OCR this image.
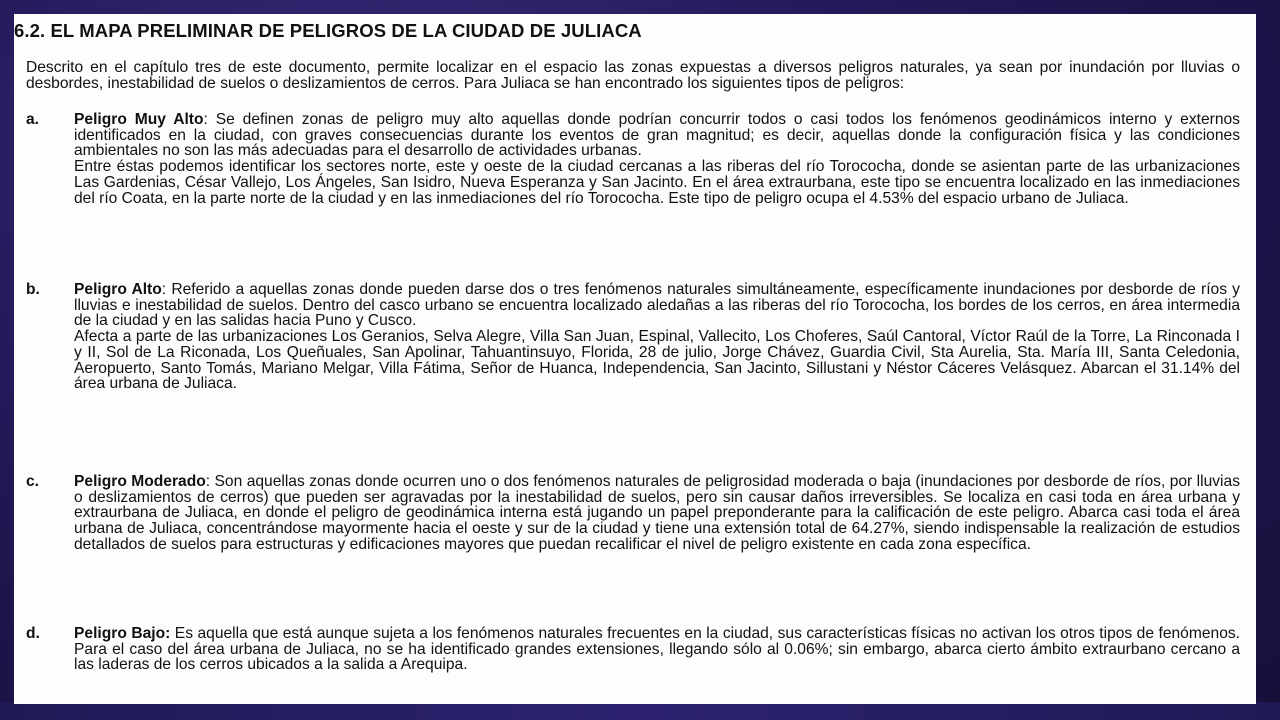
6.2. EL MAPA PRELIMINAR DE PELIGROS DE LA CIUDAD DE JULIACA

Descrito en el capítulo tres de este documento, permite localizar en el espacio las zonas expuestas a diversos peligros naturales, ya sean por inundación por lluvias o desbordes, inestabilidad de suelos o deslizamientos de cerros. Para Juliaca se han encontrado los siguientes tipos de peligros:

a.	Peligro Muy Alto: Se definen zonas de peligro muy alto aquellas donde podrían concurrir todos o casi todos los fenómenos geodinámicos interno y externos identificados en la ciudad, con graves consecuencias durante los eventos de gran magnitud; es decir, aquellas donde la configuración física y las condiciones ambientales no son las más adecuadas para el desarrollo de actividades urbanas.

Entre éstas podemos identificar los sectores norte, este y oeste de la ciudad cercanas a las riberas del río Torocochа, donde se asientan parte de las urbanizaciones Las Gardenias, César Vallejo, Los Ángeles, San Isidro, Nueva Esperanza y San Jacinto. En el área extraurbana, este tipo se encuentra localizado en las inmediaciones del río Coata, en la parte norte de la ciudad y en las inmediaciones del río Torococha. Este tipo de peligro ocupa el 4.53% del espacio urbano de Juliaca.

b.	Peligro Alto: Referido a aquellas zonas donde pueden darse dos o tres fenómenos naturales simultáneamente, específicamente inundaciones por desborde de ríos y lluvias e inestabilidad de suelos. Dentro del casco urbano se encuentra localizado aledañas a las riberas del río Torococha, los bordes de los cerros, en área intermedia de la ciudad y en las salidas hacia Puno y Cusco.

Afecta a parte de las urbanizaciones Los Geranios, Selva Alegre, Villa San Juan, Espinal, Vallecito, Los Choferes, Saúl Cantoral, Víctor Raúl de la Torre, La Rinconada I y II, Sol de La Riconada, Los Queñuales, San Apolinar, Tahuantinsuyo, Florida, 28 de julio, Jorge Chávez, Guardia Civil, Sta Aurelia, Sta. María III, Santa Celedonia, Aeropuerto, Santo Tomás, Mariano Melgar, Villa Fátima, Señor de Huanca, Independencia, San Jacinto, Sillustani y Néstor Cáceres Velásquez. Abarcan el 31.14% del área urbana de Juliaca.

c.	Peligro Moderado: Son aquellas zonas donde ocurren uno o dos fenómenos naturales de peligrosidad moderada o baja (inundaciones por desborde de ríos, por lluvias o deslizamientos de cerros) que pueden ser agravadas por la inestabilidad de suelos, pero sin causar daños irreversibles. Se localiza en casi toda en área urbana y extraurbana de Juliaca, en donde el peligro de geodinámica interna está jugando un papel preponderante para la calificación de este peligro. Abarca casi toda el área urbana de Juliaca, concentrándose mayormente hacia el oeste y sur de la ciudad y tiene una extensión total de 64.27%, siendo indispensable la realización de estudios detallados de suelos para estructuras y edificaciones mayores que puedan recalificar el nivel de peligro existente en cada zona específica.

d.	Peligro Bajo: Es aquella que está aunque sujeta a los fenómenos naturales frecuentes en la ciudad, sus características físicas no activan los otros tipos de fenómenos. Para el caso del área urbana de Juliaca, no se ha identificado grandes extensiones, llegando sólo al 0.06%; sin embargo, abarca cierto ámbito extraurbano cercano a las laderas de los cerros ubicados a la salida a Arequipa.
